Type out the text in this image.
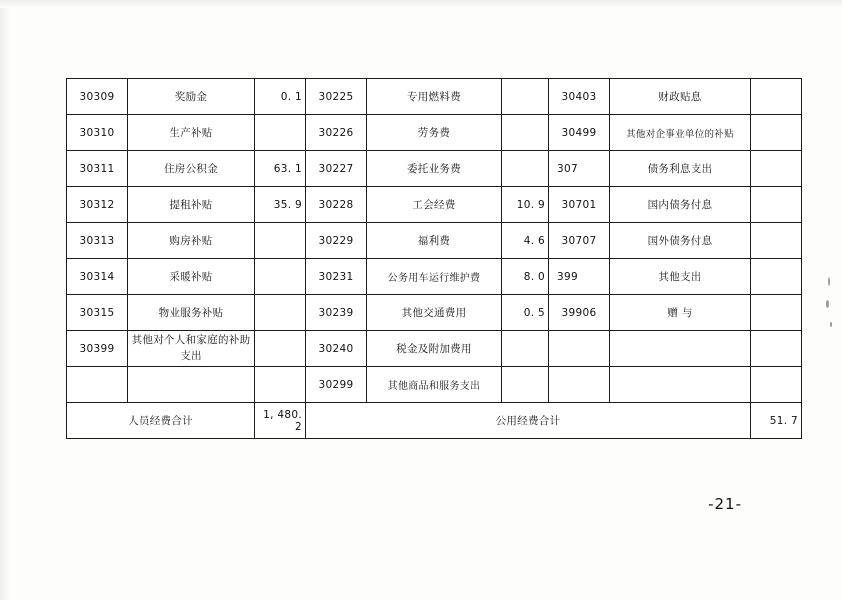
30309	奖励金	0. 1	30225	专用燃料费		30403	财政贴息	
30310	生产补贴		30226	劳务费		30499	其他对企事业单位的补贴	
30311	住房公积金	63. 1	30227	委托业务费		307	债务利息支出	
30312	提租补贴	35. 9	30228	工会经费	10. 9	30701	国内债务付息	
30313	购房补贴		30229	福利费	4. 6	30707	国外债务付息	
30314	采暖补贴		30231	公务用车运行维护费	8. 0	399	其他支出	
30315	物业服务补贴		30239	其他交通费用	0. 5	39906	赠 与	
30399	其他对个人和家庭的补助支出		30240	税金及附加费用				
			30299	其他商品和服务支出				
人员经费合计		1, 480. 2	公用经费合计					51. 7
-21-
